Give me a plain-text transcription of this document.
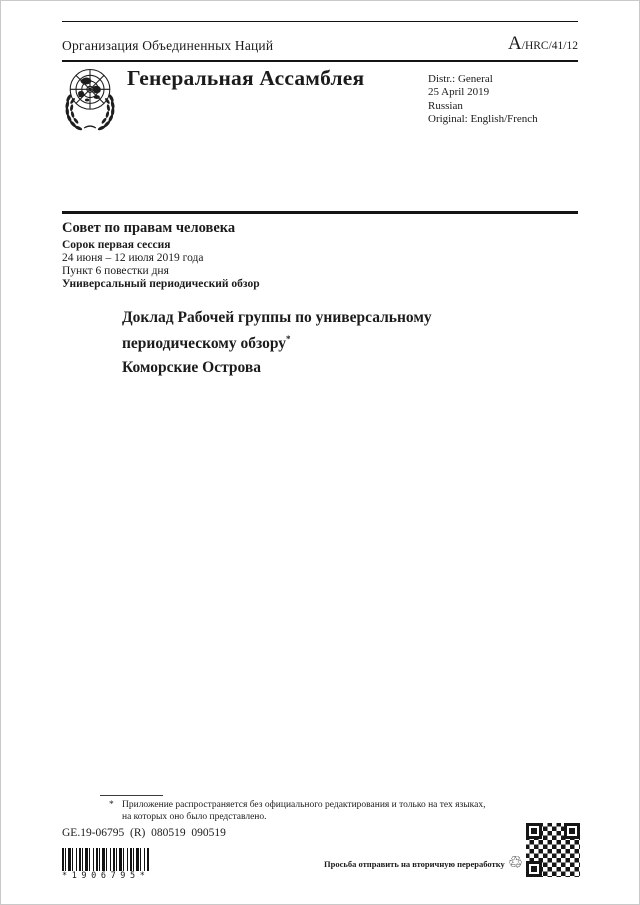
Организация Объединенных Наций	A/HRC/41/12
Генеральная Ассамблея	Distr.: General
25 April 2019
Russian
Original: English/French
Совет по правам человека
Сорок первая сессия
24 июня – 12 июля 2019 года
Пункт 6 повестки дня
Универсальный периодический обзор
Доклад Рабочей группы по универсальному периодическому обзору*
Коморские Острова
* Приложение распространяется без официального редактирования и только на тех языках,
на которых оно было представлено.
GE.19-06795  (R)  080519  090519
*1906795*
Просьба отправить на вторичную переработку ♲
